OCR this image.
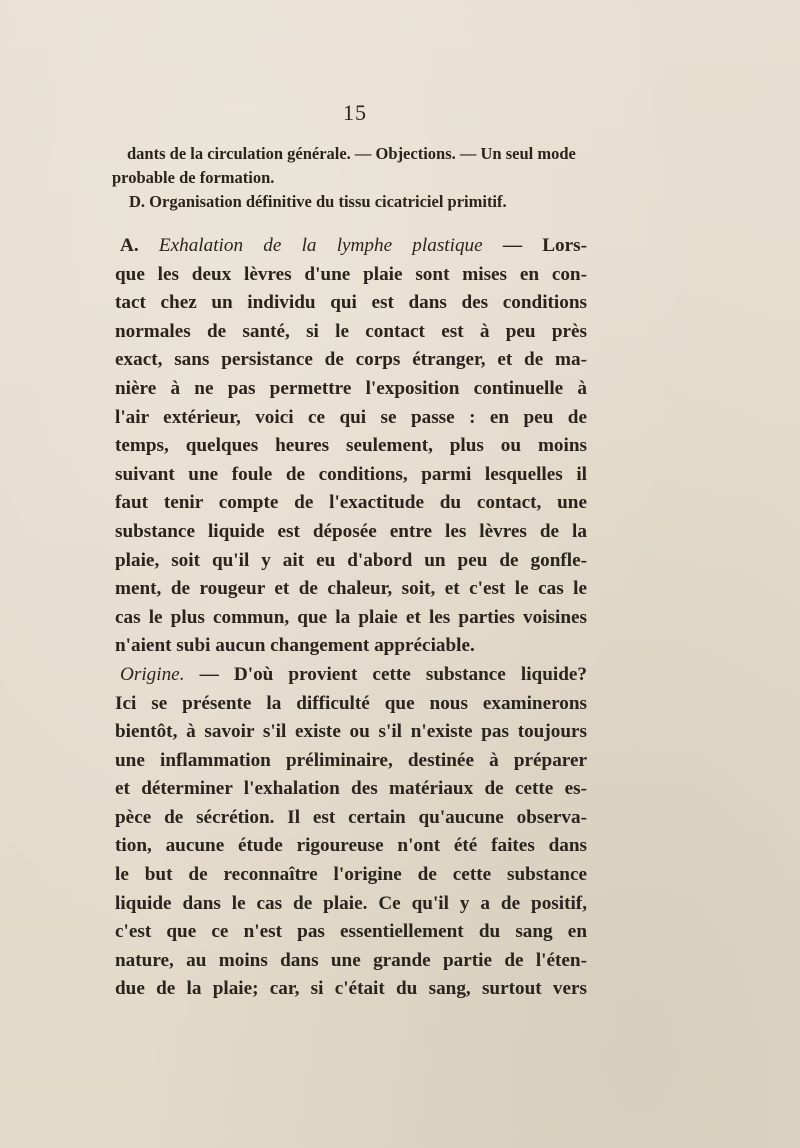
15
dants de la circulation générale. — Objections. — Un seul mode
probable de formation.
D. Organisation définitive du tissu cicatriciel primitif.
A. Exhalation de la lymphe plastique — Lors-
que les deux lèvres d'une plaie sont mises en con-
tact chez un individu qui est dans des conditions
normales de santé, si le contact est à peu près
exact, sans persistance de corps étranger, et de ma-
nière à ne pas permettre l'exposition continuelle à
l'air extérieur, voici ce qui se passe : en peu de
temps, quelques heures seulement, plus ou moins
suivant une foule de conditions, parmi lesquelles il
faut tenir compte de l'exactitude du contact, une
substance liquide est déposée entre les lèvres de la
plaie, soit qu'il y ait eu d'abord un peu de gonfle-
ment, de rougeur et de chaleur, soit, et c'est le cas le
cas le plus commun, que la plaie et les parties voisines
n'aient subi aucun changement appréciable.
Origine. — D'où provient cette substance liquide?
Ici se présente la difficulté que nous examinerons
bientôt, à savoir s'il existe ou s'il n'existe pas toujours
une inflammation préliminaire, destinée à préparer
et déterminer l'exhalation des matériaux de cette es-
pèce de sécrétion. Il est certain qu'aucune observa-
tion, aucune étude rigoureuse n'ont été faites dans
le but de reconnaître l'origine de cette substance
liquide dans le cas de plaie. Ce qu'il y a de positif,
c'est que ce n'est pas essentiellement du sang en
nature, au moins dans une grande partie de l'éten-
due de la plaie; car, si c'était du sang, surtout vers
